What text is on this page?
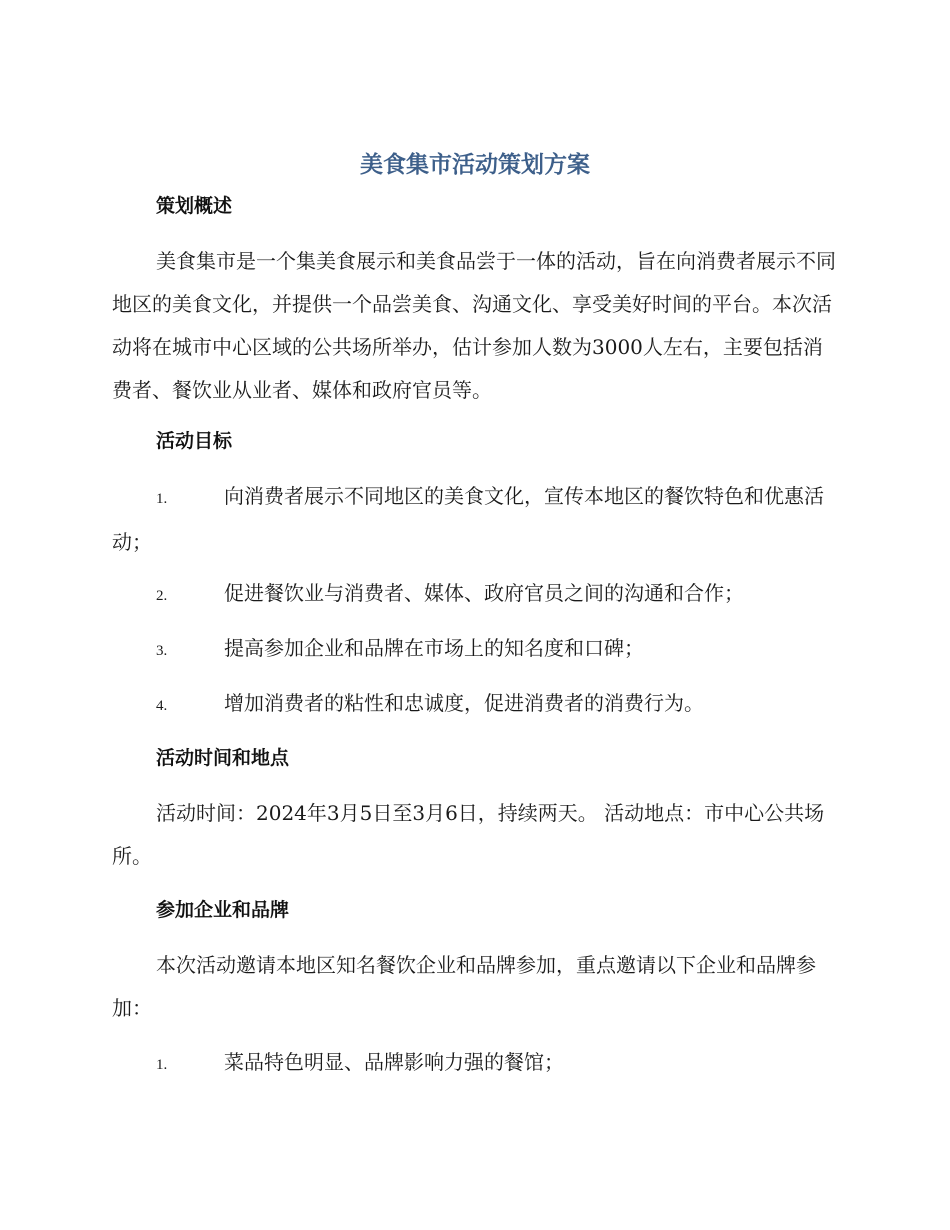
美食集市活动策划方案
策划概述

美食集市是一个集美食展示和美食品尝于一体的活动，旨在向消费者展示不同地区的美食文化，并提供一个品尝美食、沟通文化、享受美好时间的平台。本次活动将在城市中心区域的公共场所举办，估计参加人数为3000人左右，主要包括消费者、餐饮业从业者、媒体和政府官员等。

活动目标
1.	向消费者展示不同地区的美食文化，宣传本地区的餐饮特色和优惠活动；
2.	促进餐饮业与消费者、媒体、政府官员之间的沟通和合作；
3.	提高参加企业和品牌在市场上的知名度和口碑；
4.	增加消费者的粘性和忠诚度，促进消费者的消费行为。
活动时间和地点

活动时间：2024年3月5日至3月6日，持续两天。 活动地点：市中心公共场所。

参加企业和品牌

本次活动邀请本地区知名餐饮企业和品牌参加，重点邀请以下企业和品牌参加：

1.	菜品特色明显、品牌影响力强的餐馆；
